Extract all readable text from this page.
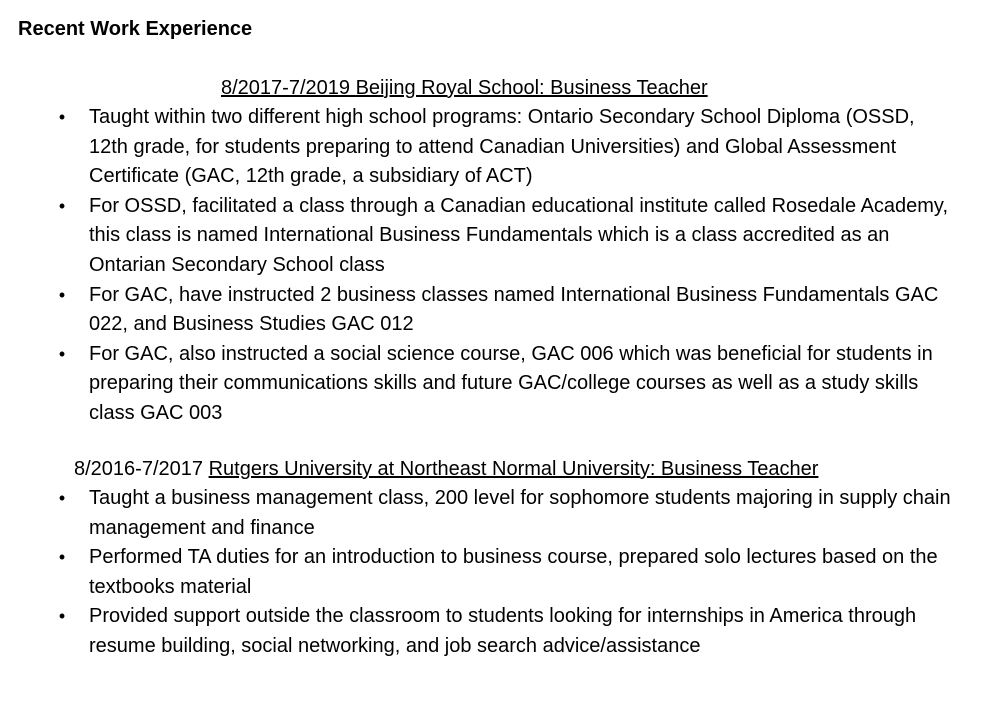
Recent Work Experience
8/2017-7/2019 Beijing Royal School: Business Teacher
• Taught within two different high school programs: Ontario Secondary School Diploma (OSSD, 12th grade, for students preparing to attend Canadian Universities) and Global Assessment Certificate (GAC, 12th grade, a subsidiary of ACT)
• For OSSD, facilitated a class through a Canadian educational institute called Rosedale Academy, this class is named International Business Fundamentals which is a class accredited as an Ontarian Secondary School class
• For GAC, have instructed 2 business classes named International Business Fundamentals GAC 022, and Business Studies GAC 012
• For GAC, also instructed a social science course, GAC 006 which was beneficial for students in preparing their communications skills and future GAC/college courses as well as a study skills class GAC 003
8/2016-7/2017 Rutgers University at Northeast Normal University: Business Teacher
• Taught a business management class, 200 level for sophomore students majoring in supply chain management and finance
• Performed TA duties for an introduction to business course, prepared solo lectures based on the textbooks material
• Provided support outside the classroom to students looking for internships in America through resume building, social networking, and job search advice/assistance
